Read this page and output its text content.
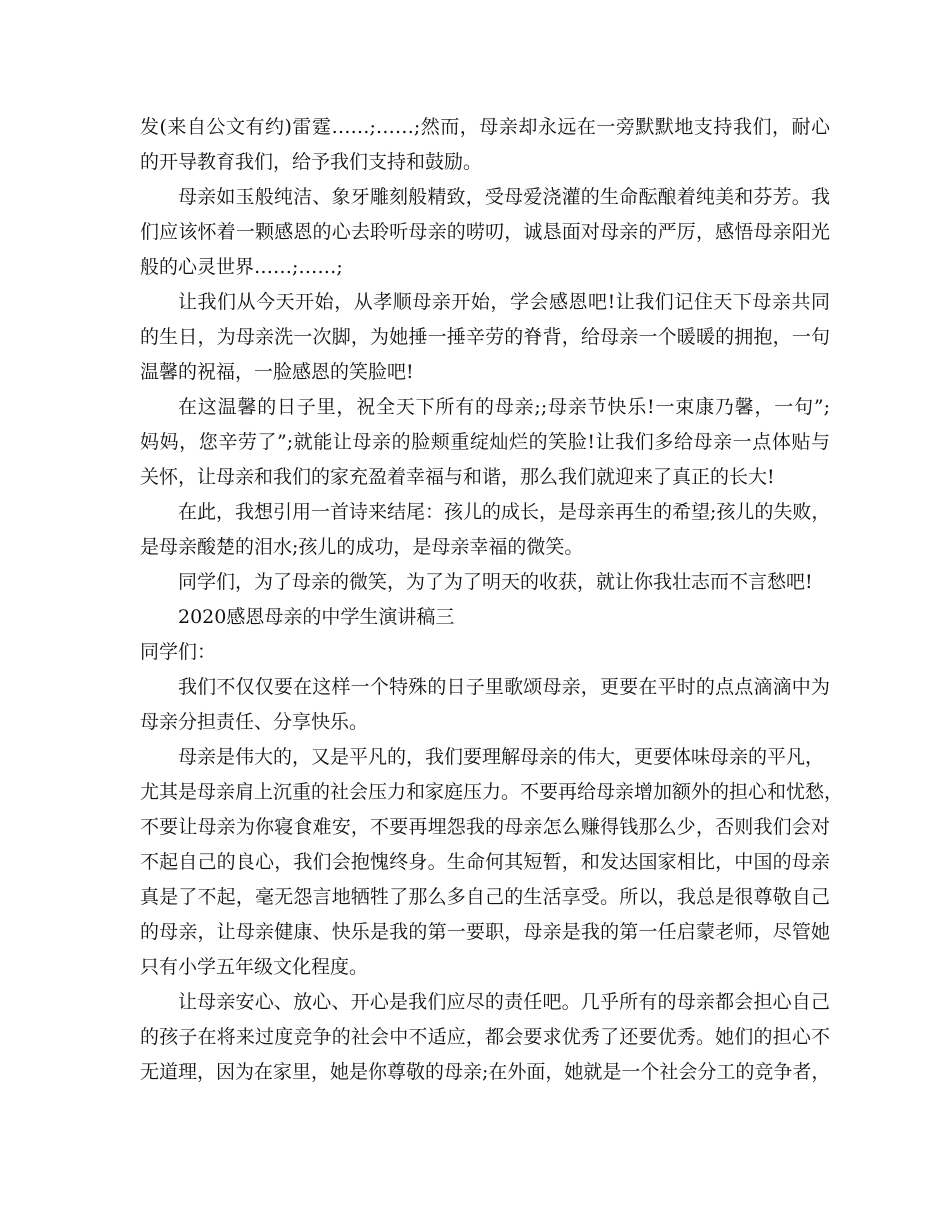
发(来自公文有约)雷霆……;……;然而，母亲却永远在一旁默默地支持我们，耐心
的开导教育我们，给予我们支持和鼓励。
母亲如玉般纯洁、象牙雕刻般精致，受母爱浇灌的生命酝酿着纯美和芬芳。我
们应该怀着一颗感恩的心去聆听母亲的唠叨，诚恳面对母亲的严厉，感悟母亲阳光
般的心灵世界……;……;
让我们从今天开始，从孝顺母亲开始，学会感恩吧!让我们记住天下母亲共同
的生日，为母亲洗一次脚，为她捶一捶辛劳的脊背，给母亲一个暖暖的拥抱，一句
温馨的祝福，一脸感恩的笑脸吧!
在这温馨的日子里，祝全天下所有的母亲;;母亲节快乐!一束康乃馨，一句”;
妈妈，您辛劳了”;就能让母亲的脸颊重绽灿烂的笑脸!让我们多给母亲一点体贴与
关怀，让母亲和我们的家充盈着幸福与和谐，那么我们就迎来了真正的长大!
在此，我想引用一首诗来结尾：孩儿的成长，是母亲再生的希望;孩儿的失败，
是母亲酸楚的泪水;孩儿的成功，是母亲幸福的微笑。
同学们，为了母亲的微笑，为了为了明天的收获，就让你我壮志而不言愁吧!
2020感恩母亲的中学生演讲稿三
同学们：
我们不仅仅要在这样一个特殊的日子里歌颂母亲，更要在平时的点点滴滴中为
母亲分担责任、分享快乐。
母亲是伟大的，又是平凡的，我们要理解母亲的伟大，更要体味母亲的平凡，
尤其是母亲肩上沉重的社会压力和家庭压力。不要再给母亲增加额外的担心和忧愁，
不要让母亲为你寝食难安，不要再埋怨我的母亲怎么赚得钱那么少，否则我们会对
不起自己的良心，我们会抱愧终身。生命何其短暂，和发达国家相比，中国的母亲
真是了不起，毫无怨言地牺牲了那么多自己的生活享受。所以，我总是很尊敬自己
的母亲，让母亲健康、快乐是我的第一要职，母亲是我的第一任启蒙老师，尽管她
只有小学五年级文化程度。
让母亲安心、放心、开心是我们应尽的责任吧。几乎所有的母亲都会担心自己
的孩子在将来过度竞争的社会中不适应，都会要求优秀了还要优秀。她们的担心不
无道理，因为在家里，她是你尊敬的母亲;在外面，她就是一个社会分工的竞争者，
